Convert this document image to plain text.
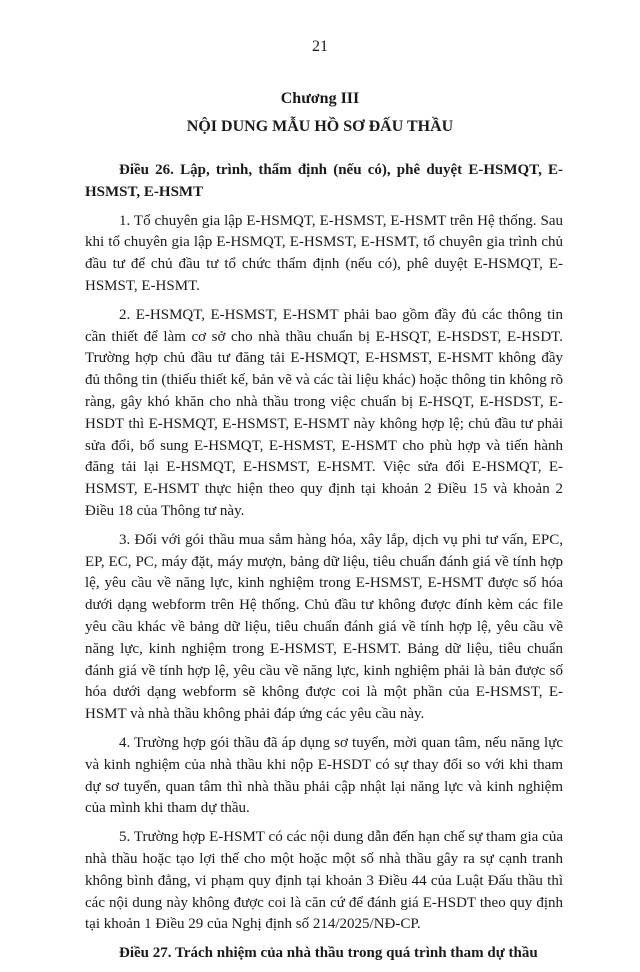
21
Chương III
NỘI DUNG MẪU HỒ SƠ ĐẤU THẦU

Điều 26. Lập, trình, thẩm định (nếu có), phê duyệt E-HSMQT, E-HSMST, E-HSMT

1. Tổ chuyên gia lập E-HSMQT, E-HSMST, E-HSMT trên Hệ thống. Sau khi tổ chuyên gia lập E-HSMQT, E-HSMST, E-HSMT, tổ chuyên gia trình chủ đầu tư để chủ đầu tư tổ chức thẩm định (nếu có), phê duyệt E-HSMQT, E-HSMST, E-HSMT.

2. E-HSMQT, E-HSMST, E-HSMT phải bao gồm đầy đủ các thông tin cần thiết để làm cơ sở cho nhà thầu chuẩn bị E-HSQT, E-HSDST, E-HSDT. Trường hợp chủ đầu tư đăng tải E-HSMQT, E-HSMST, E-HSMT không đầy đủ thông tin (thiếu thiết kế, bản vẽ và các tài liệu khác) hoặc thông tin không rõ ràng, gây khó khăn cho nhà thầu trong việc chuẩn bị E-HSQT, E-HSDST, E-HSDT thì E-HSMQT, E-HSMST, E-HSMT này không hợp lệ; chủ đầu tư phải sửa đổi, bổ sung E-HSMQT, E-HSMST, E-HSMT cho phù hợp và tiến hành đăng tải lại E-HSMQT, E-HSMST, E-HSMT. Việc sửa đổi E-HSMQT, E-HSMST, E-HSMT thực hiện theo quy định tại khoản 2 Điều 15 và khoản 2 Điều 18 của Thông tư này.

3. Đối với gói thầu mua sắm hàng hóa, xây lắp, dịch vụ phi tư vấn, EPC, EP, EC, PC, máy đặt, máy mượn, bảng dữ liệu, tiêu chuẩn đánh giá về tính hợp lệ, yêu cầu về năng lực, kinh nghiệm trong E-HSMST, E-HSMT được số hóa dưới dạng webform trên Hệ thống. Chủ đầu tư không được đính kèm các file yêu cầu khác về bảng dữ liệu, tiêu chuẩn đánh giá về tính hợp lệ, yêu cầu về năng lực, kinh nghiệm trong E-HSMST, E-HSMT. Bảng dữ liệu, tiêu chuẩn đánh giá về tính hợp lệ, yêu cầu về năng lực, kinh nghiệm phải là bản được số hóa dưới dạng webform sẽ không được coi là một phần của E-HSMST, E-HSMT và nhà thầu không phải đáp ứng các yêu cầu này.

4. Trường hợp gói thầu đã áp dụng sơ tuyển, mời quan tâm, nếu năng lực và kinh nghiệm của nhà thầu khi nộp E-HSDT có sự thay đổi so với khi tham dự sơ tuyển, quan tâm thì nhà thầu phải cập nhật lại năng lực và kinh nghiệm của mình khi tham dự thầu.

5. Trường hợp E-HSMT có các nội dung dẫn đến hạn chế sự tham gia của nhà thầu hoặc tạo lợi thế cho một hoặc một số nhà thầu gây ra sự cạnh tranh không bình đẳng, vi phạm quy định tại khoản 3 Điều 44 của Luật Đấu thầu thì các nội dung này không được coi là căn cứ để đánh giá E-HSDT theo quy định tại khoản 1 Điều 29 của Nghị định số 214/2025/NĐ-CP.

Điều 27. Trách nhiệm của nhà thầu trong quá trình tham dự thầu
